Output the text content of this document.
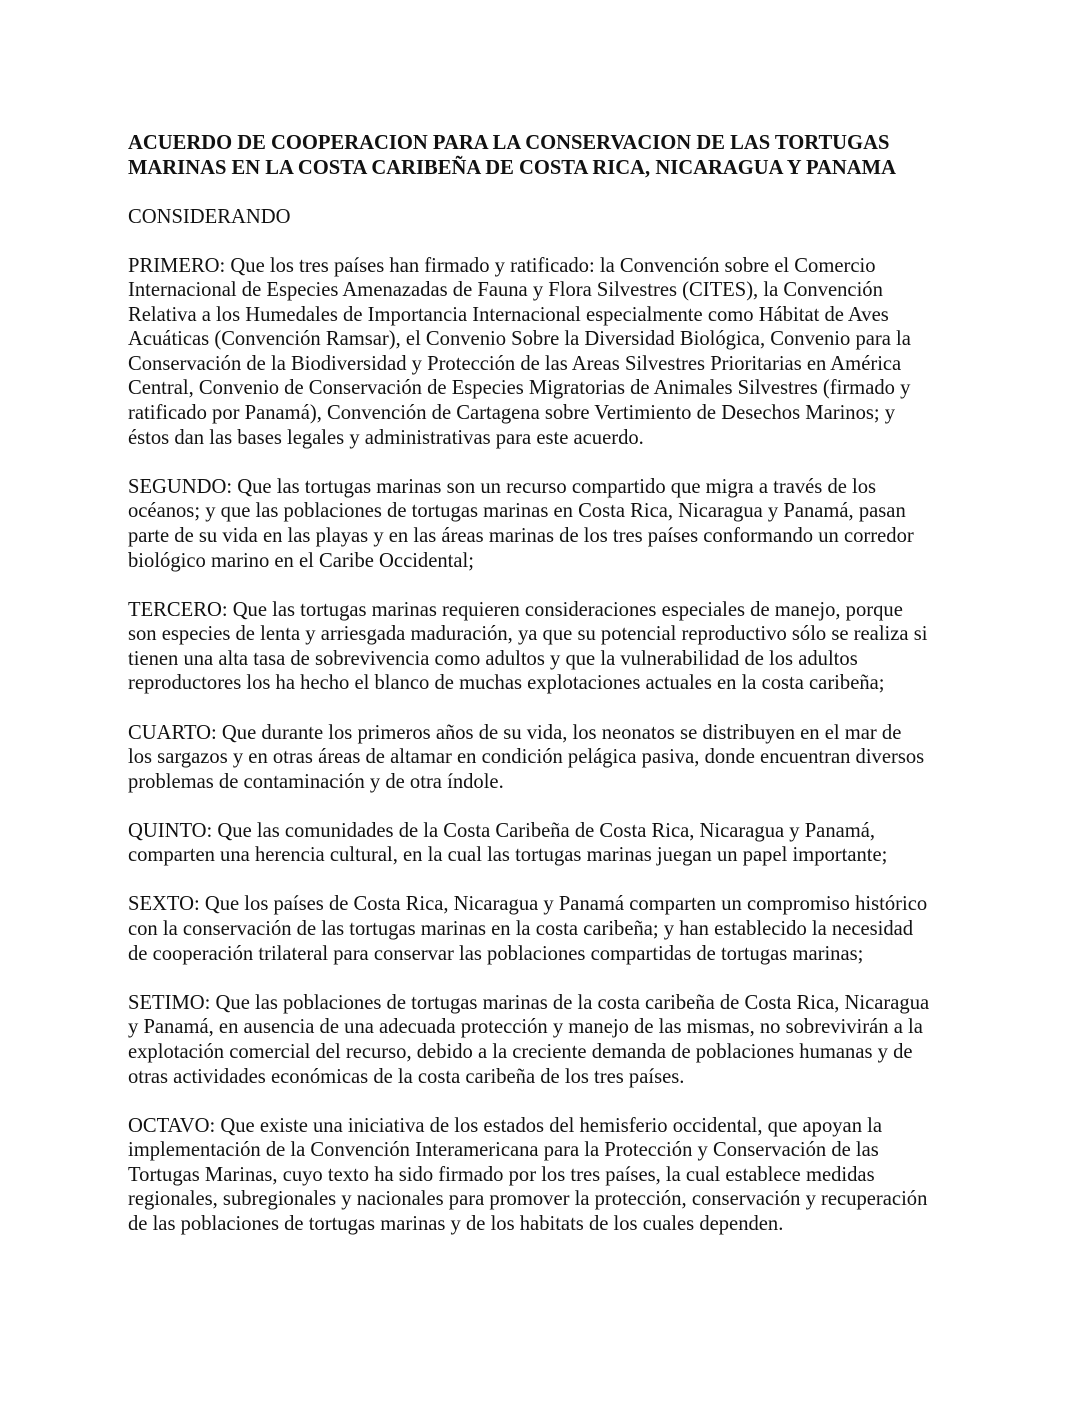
ACUERDO DE COOPERACION PARA LA CONSERVACION DE LAS TORTUGAS
MARINAS EN LA COSTA CARIBEÑA DE COSTA RICA, NICARAGUA Y PANAMA

CONSIDERANDO

PRIMERO: Que los tres países han firmado y ratificado: la Convención sobre el Comercio
Internacional de Especies Amenazadas de Fauna y Flora Silvestres (CITES), la Convención
Relativa a los Humedales de Importancia Internacional especialmente como Hábitat de Aves
Acuáticas (Convención Ramsar), el Convenio Sobre la Diversidad Biológica, Convenio para la
Conservación de la Biodiversidad y Protección de las Areas Silvestres Prioritarias en América
Central, Convenio de Conservación de Especies Migratorias de Animales Silvestres (firmado y
ratificado por Panamá), Convención de Cartagena sobre Vertimiento de Desechos Marinos; y
éstos dan las bases legales y administrativas para este acuerdo.

SEGUNDO: Que las tortugas marinas son un recurso compartido que migra a través de los
océanos; y que las poblaciones de tortugas marinas en Costa Rica, Nicaragua y Panamá, pasan
parte de su vida en las playas y en las áreas marinas de los tres países conformando un corredor
biológico marino en el Caribe Occidental;

TERCERO: Que las tortugas marinas requieren consideraciones especiales de manejo, porque
son especies de lenta y arriesgada maduración, ya que su potencial reproductivo sólo se realiza si
tienen una alta tasa de sobrevivencia como adultos y que la vulnerabilidad de los adultos
reproductores los ha hecho el blanco de muchas explotaciones actuales en la costa caribeña;

CUARTO: Que durante los primeros años de su vida, los neonatos se distribuyen en el mar de
los sargazos y en otras áreas de altamar en condición pelágica pasiva, donde encuentran diversos
problemas de contaminación y de otra índole.

QUINTO: Que las comunidades de la Costa Caribeña de Costa Rica, Nicaragua y Panamá,
comparten una herencia cultural, en la cual las tortugas marinas juegan un papel importante;

SEXTO: Que los países de Costa Rica, Nicaragua y Panamá comparten un compromiso histórico
con la conservación de las tortugas marinas en la costa caribeña; y han establecido la necesidad
de cooperación trilateral para conservar las poblaciones compartidas de tortugas marinas;

SETIMO: Que las poblaciones de tortugas marinas de la costa caribeña de Costa Rica, Nicaragua
y Panamá, en ausencia de una adecuada protección y manejo de las mismas, no sobrevivirán a la
explotación comercial del recurso, debido a la creciente demanda de poblaciones humanas y de
otras actividades económicas de la costa caribeña de los tres países.

OCTAVO: Que existe una iniciativa de los estados del hemisferio occidental, que apoyan la
implementación de la Convención Interamericana para la Protección y Conservación de las
Tortugas Marinas, cuyo texto ha sido firmado por los tres países, la cual establece medidas
regionales, subregionales y nacionales para promover la protección, conservación y recuperación
de las poblaciones de tortugas marinas y de los habitats de los cuales dependen.
